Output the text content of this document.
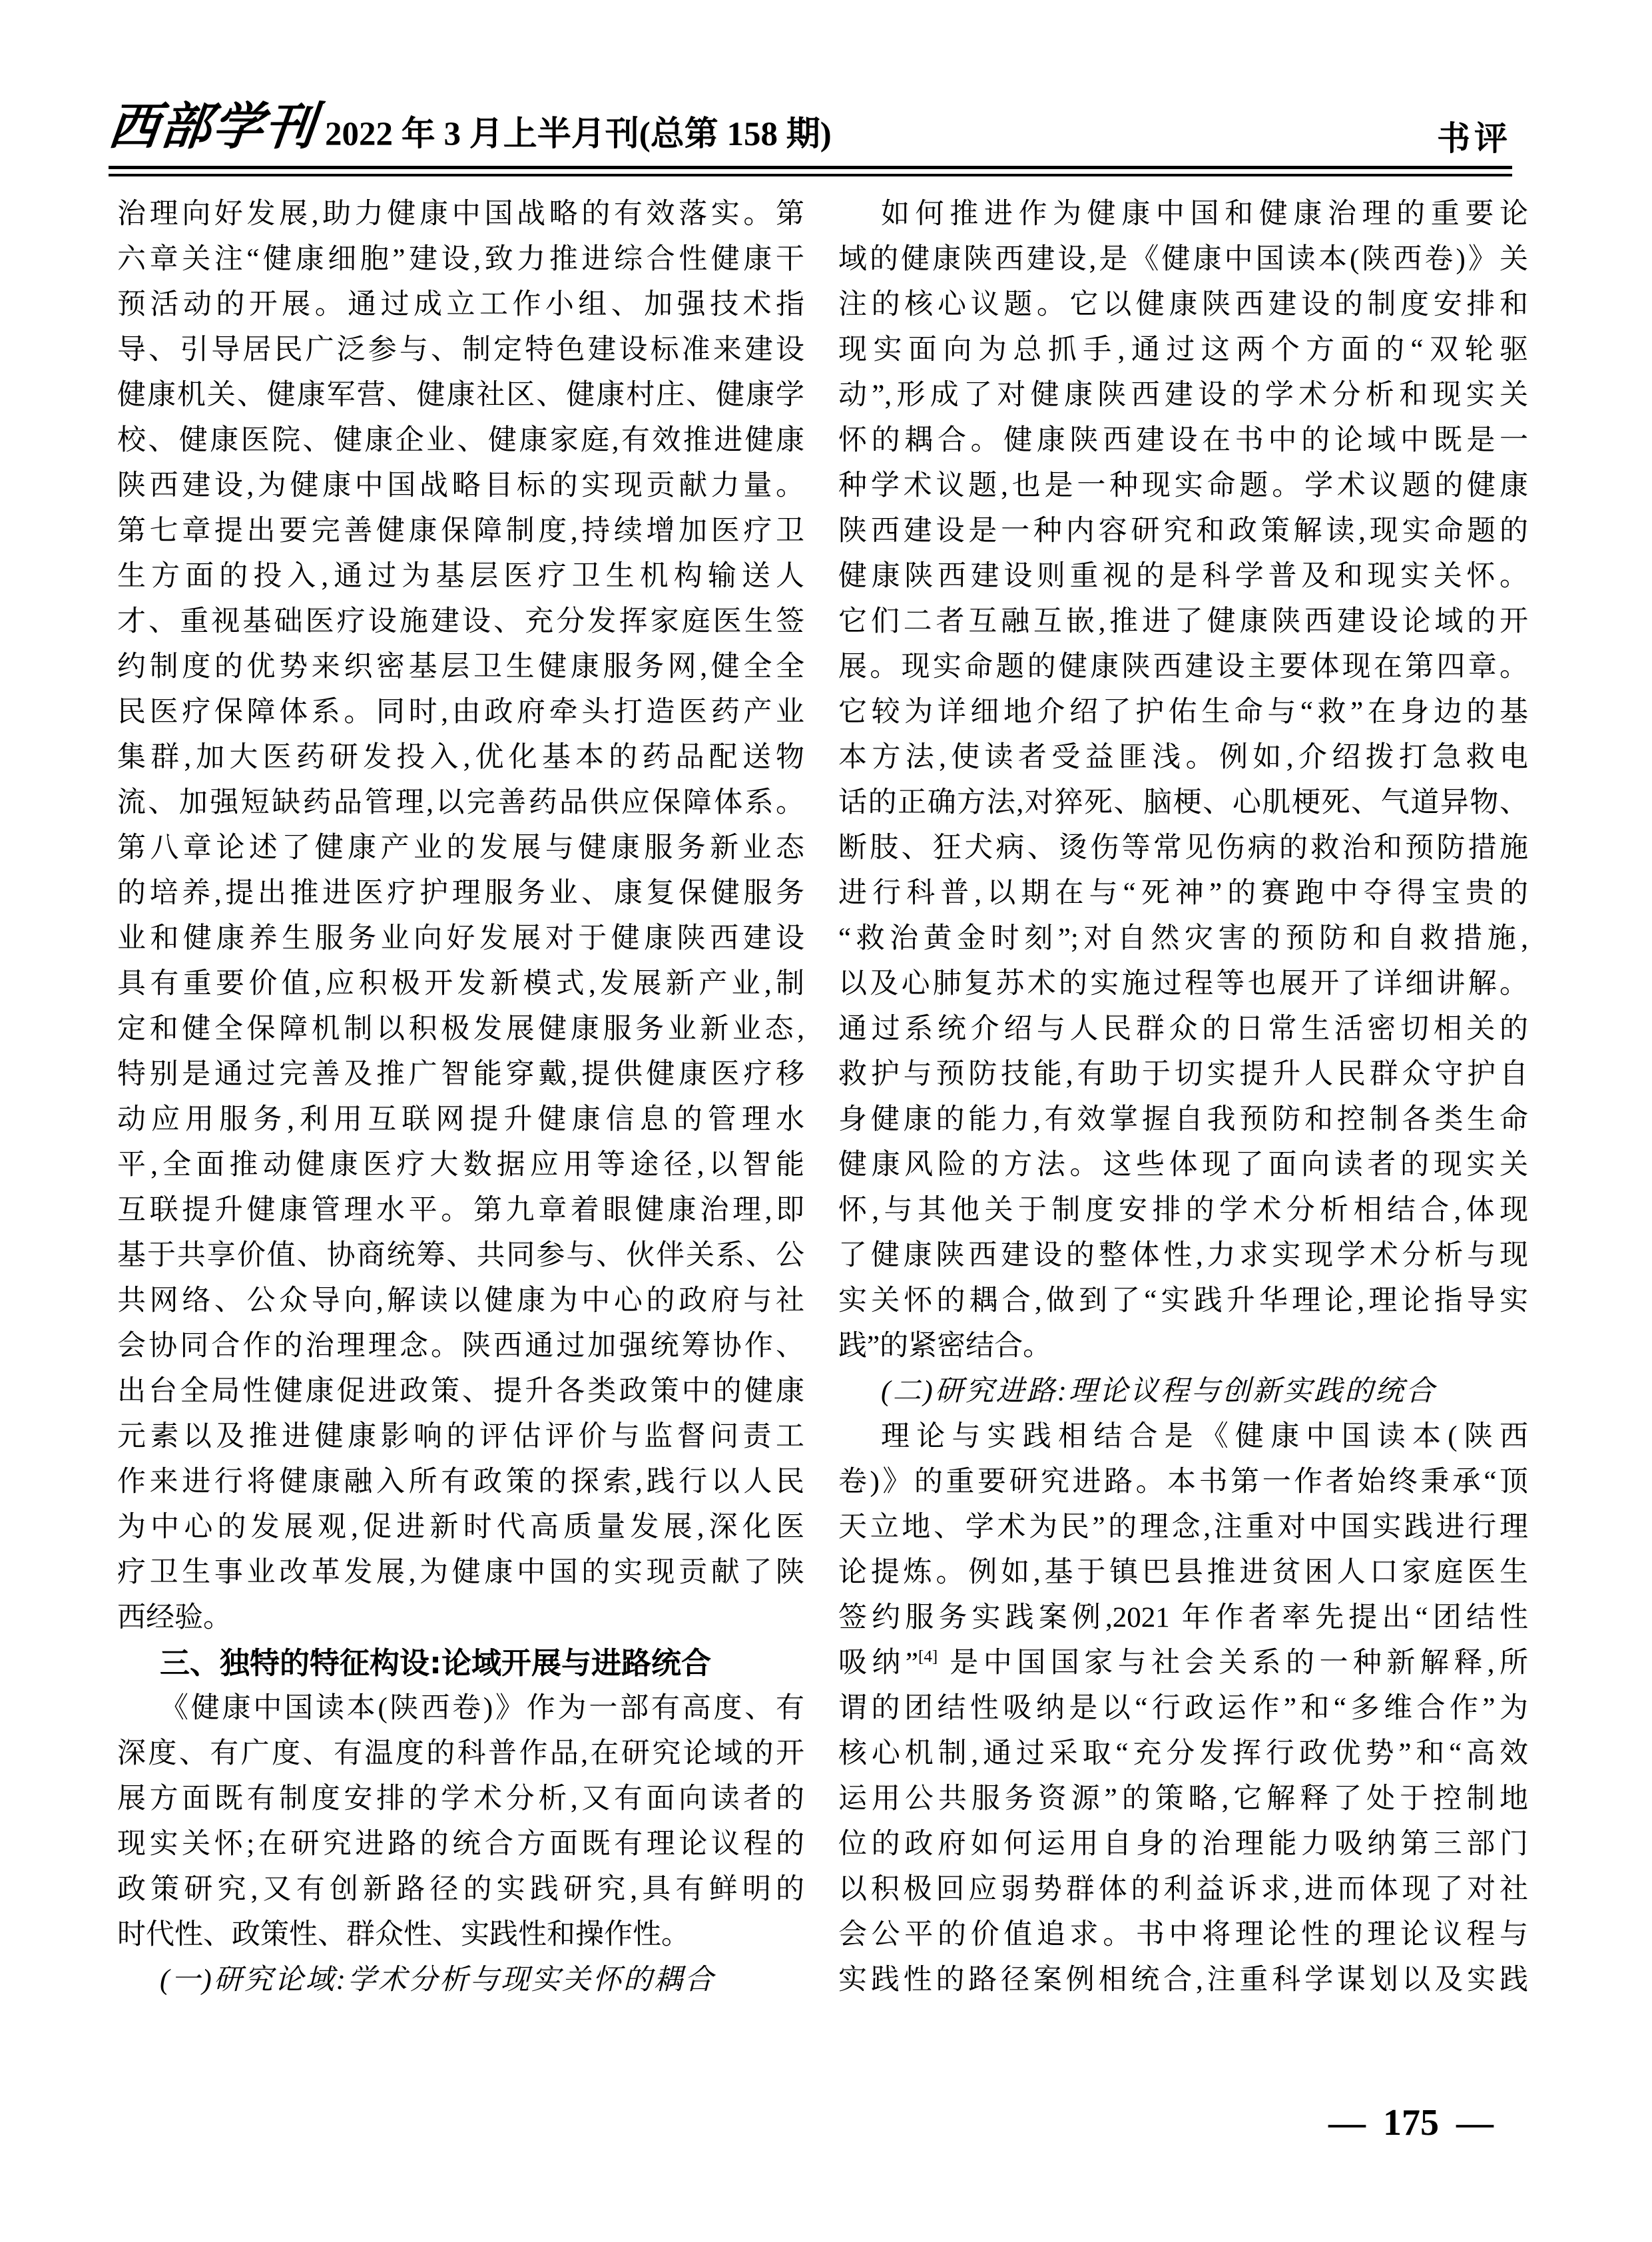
西部学刊 2022 年 3 月上半月刊(总第 158 期)	书评
治理向好发展,助力健康中国战略的有效落实。第
六章关注“健康细胞”建设,致力推进综合性健康干
预活动的开展。通过成立工作小组、加强技术指
导、引导居民广泛参与、制定特色建设标准来建设
健康机关、健康军营、健康社区、健康村庄、健康学
校、健康医院、健康企业、健康家庭,有效推进健康
陕西建设,为健康中国战略目标的实现贡献力量。
第七章提出要完善健康保障制度,持续增加医疗卫
生方面的投入,通过为基层医疗卫生机构输送人
才、重视基础医疗设施建设、充分发挥家庭医生签
约制度的优势来织密基层卫生健康服务网,健全全
民医疗保障体系。同时,由政府牵头打造医药产业
集群,加大医药研发投入,优化基本的药品配送物
流、加强短缺药品管理,以完善药品供应保障体系。
第八章论述了健康产业的发展与健康服务新业态
的培养,提出推进医疗护理服务业、康复保健服务
业和健康养生服务业向好发展对于健康陕西建设
具有重要价值,应积极开发新模式,发展新产业,制
定和健全保障机制以积极发展健康服务业新业态,
特别是通过完善及推广智能穿戴,提供健康医疗移
动应用服务,利用互联网提升健康信息的管理水
平,全面推动健康医疗大数据应用等途径,以智能
互联提升健康管理水平。第九章着眼健康治理,即
基于共享价值、协商统筹、共同参与、伙伴关系、公
共网络、公众导向,解读以健康为中心的政府与社
会协同合作的治理理念。陕西通过加强统筹协作、
出台全局性健康促进政策、提升各类政策中的健康
元素以及推进健康影响的评估评价与监督问责工
作来进行将健康融入所有政策的探索,践行以人民
为中心的发展观,促进新时代高质量发展,深化医
疗卫生事业改革发展,为健康中国的实现贡献了陕
西经验。
三、独特的特征构设:论域开展与进路统合
《健康中国读本(陕西卷)》作为一部有高度、有
深度、有广度、有温度的科普作品,在研究论域的开
展方面既有制度安排的学术分析,又有面向读者的
现实关怀;在研究进路的统合方面既有理论议程的
政策研究,又有创新路径的实践研究,具有鲜明的
时代性、政策性、群众性、实践性和操作性。
(一)研究论域:学术分析与现实关怀的耦合
如何推进作为健康中国和健康治理的重要论
域的健康陕西建设,是《健康中国读本(陕西卷)》关
注的核心议题。它以健康陕西建设的制度安排和
现实面向为总抓手,通过这两个方面的“双轮驱
动”,形成了对健康陕西建设的学术分析和现实关
怀的耦合。健康陕西建设在书中的论域中既是一
种学术议题,也是一种现实命题。学术议题的健康
陕西建设是一种内容研究和政策解读,现实命题的
健康陕西建设则重视的是科学普及和现实关怀。
它们二者互融互嵌,推进了健康陕西建设论域的开
展。现实命题的健康陕西建设主要体现在第四章。
它较为详细地介绍了护佑生命与“救”在身边的基
本方法,使读者受益匪浅。例如,介绍拨打急救电
话的正确方法,对猝死、脑梗、心肌梗死、气道异物、
断肢、狂犬病、烫伤等常见伤病的救治和预防措施
进行科普,以期在与“死神”的赛跑中夺得宝贵的
“救治黄金时刻”;对自然灾害的预防和自救措施,
以及心肺复苏术的实施过程等也展开了详细讲解。
通过系统介绍与人民群众的日常生活密切相关的
救护与预防技能,有助于切实提升人民群众守护自
身健康的能力,有效掌握自我预防和控制各类生命
健康风险的方法。这些体现了面向读者的现实关
怀,与其他关于制度安排的学术分析相结合,体现
了健康陕西建设的整体性,力求实现学术分析与现
实关怀的耦合,做到了“实践升华理论,理论指导实
践”的紧密结合。
(二)研究进路:理论议程与创新实践的统合
理论与实践相结合是《健康中国读本(陕西
卷)》的重要研究进路。本书第一作者始终秉承“顶
天立地、学术为民”的理念,注重对中国实践进行理
论提炼。例如,基于镇巴县推进贫困人口家庭医生
签约服务实践案例,2021 年作者率先提出“团结性
吸纳”[4] 是中国国家与社会关系的一种新解释,所
谓的团结性吸纳是以“行政运作”和“多维合作”为
核心机制,通过采取“充分发挥行政优势”和“高效
运用公共服务资源”的策略,它解释了处于控制地
位的政府如何运用自身的治理能力吸纳第三部门
以积极回应弱势群体的利益诉求,进而体现了对社
会公平的价值追求。书中将理论性的理论议程与
实践性的路径案例相统合,注重科学谋划以及实践
— 175 —
